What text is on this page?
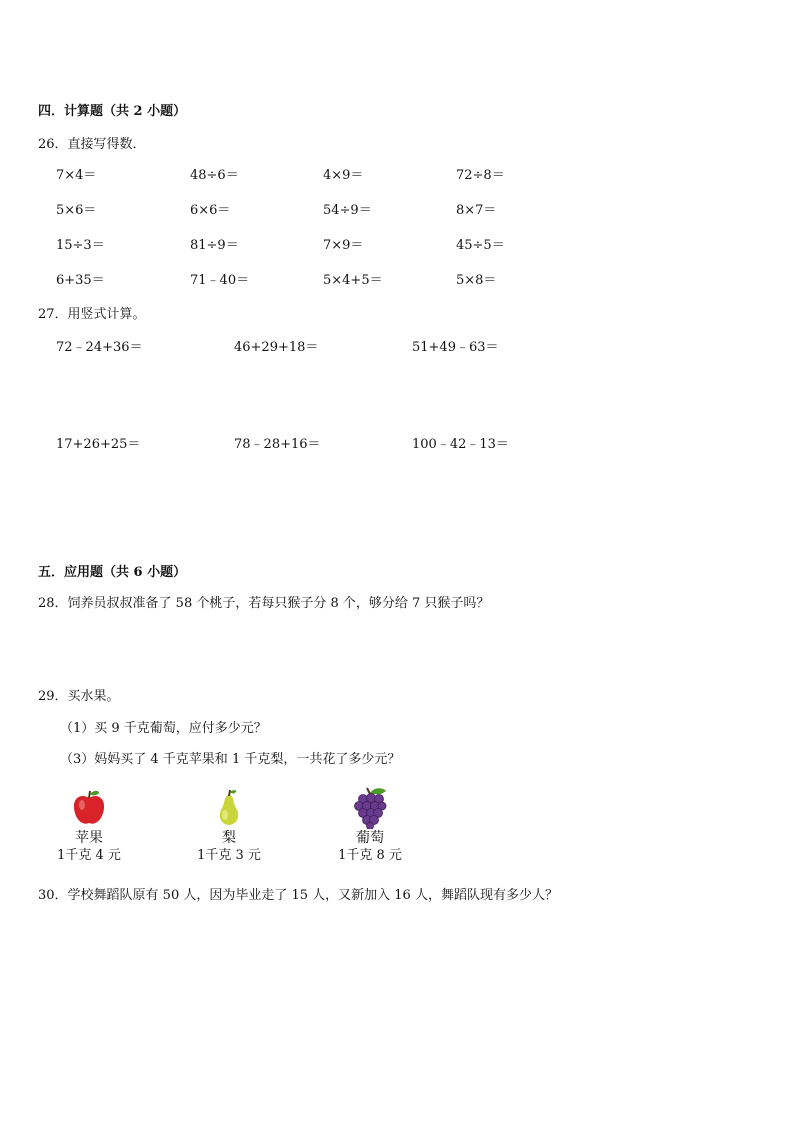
四．计算题（共 2 小题）
26．直接写得数．
7×4＝	48÷6＝	4×9＝	72÷8＝
5×6＝	6×6＝	54÷9＝	8×7＝
15÷3＝	81÷9＝	7×9＝	45÷5＝
6+35＝	71﹣40＝	5×4+5＝	5×8＝
27．用竖式计算。
72﹣24+36＝	46+29+18＝	51+49﹣63＝
17+26+25＝	78﹣28+16＝	100﹣42﹣13＝
五．应用题（共 6 小题）
28．饲养员叔叔准备了 58 个桃子，若每只猴子分 8 个，够分给 7 只猴子吗？
29．买水果。
（1）买 9 千克葡萄，应付多少元？
（3）妈妈买了 4 千克苹果和 1 千克梨，一共花了多少元？
苹果
1千克 4 元
梨
1千克 3 元
葡萄
1千克 8 元
30．学校舞蹈队原有 50 人，因为毕业走了 15 人，又新加入 16 人，舞蹈队现有多少人？
